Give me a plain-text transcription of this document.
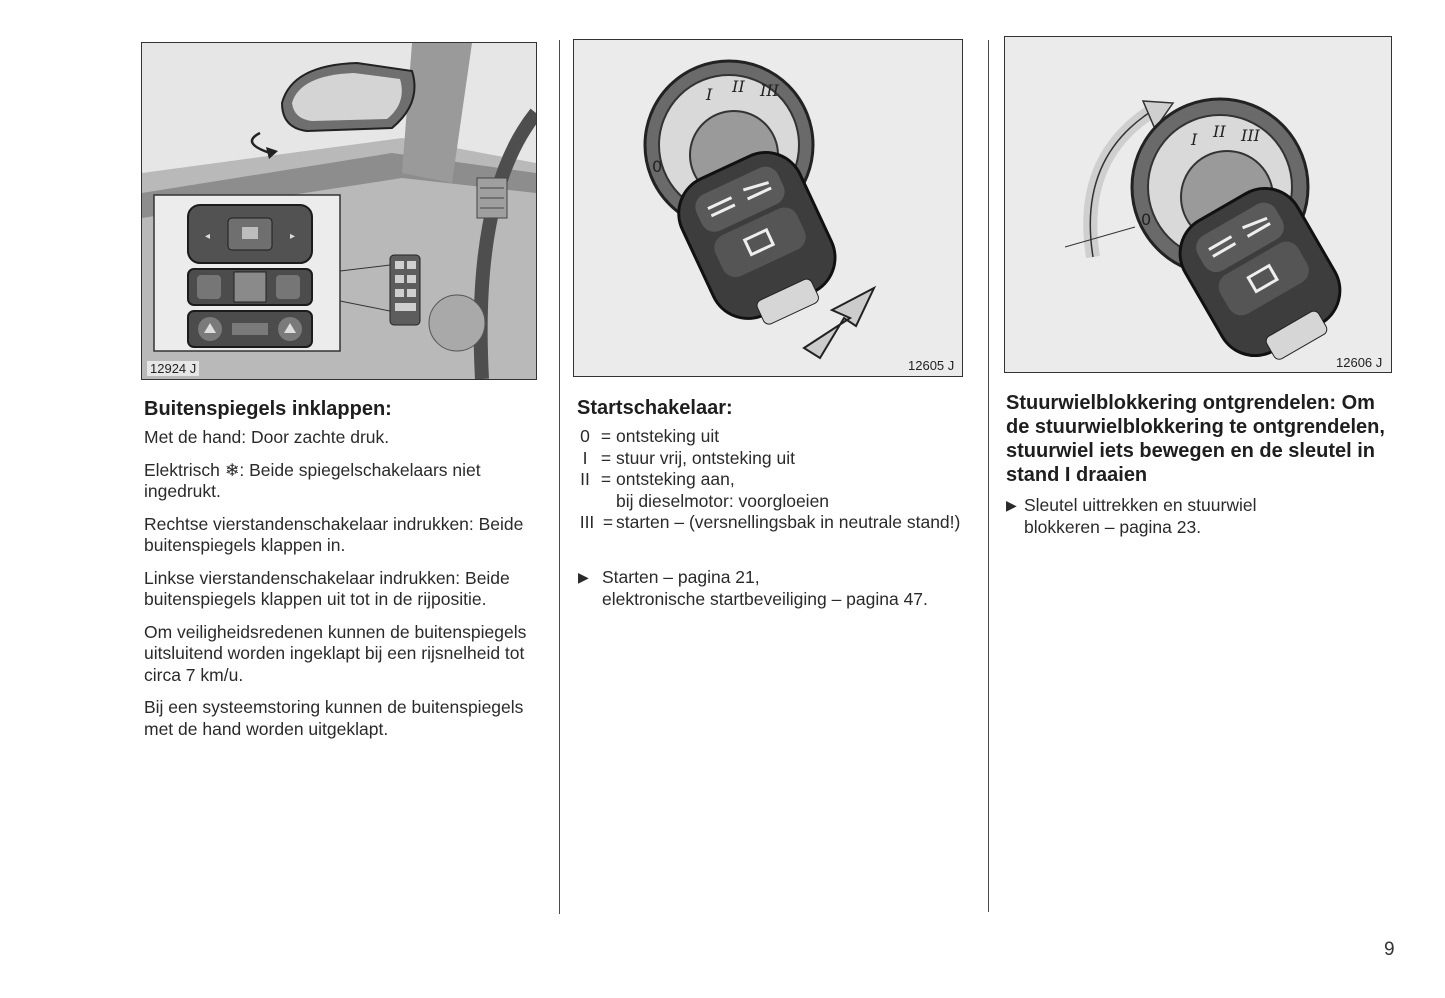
◂	▸
12924 J
0
I II III
12605 J
0
I II III
12606 J
Buitenspiegels inklappen:

Met de hand: Door zachte druk.

Elektrisch ❄: Beide spiegelschakelaars niet ingedrukt.

Rechtse vierstandenschakelaar indrukken: Beide buitenspiegels klappen in.

Linkse vierstandenschakelaar indrukken: Beide buitenspiegels klappen uit tot in de rijpositie.

Om veiligheidsredenen kunnen de buitenspiegels uitsluitend worden ingeklapt bij een rijsnelheid tot circa 7 km/u.

Bij een systeemstoring kunnen de buitenspiegels met de hand worden uitgeklapt.

Startschakelaar:
0 = ontsteking uit
I = stuur vrij, ontsteking uit
II = ontsteking aan,
bij dieselmotor: voorgloeien
III = starten – (versnellingsbak in neutrale stand!)
▶ Starten – pagina 21,
elektronische startbeveiliging – pagina 47.
Stuurwielblokkering ontgrendelen: Om de stuurwielblokkering te ontgrendelen, stuurwiel iets bewegen en de sleutel in stand I draaien
▶ Sleutel uittrekken en stuurwiel blokkeren – pagina 23.
9
